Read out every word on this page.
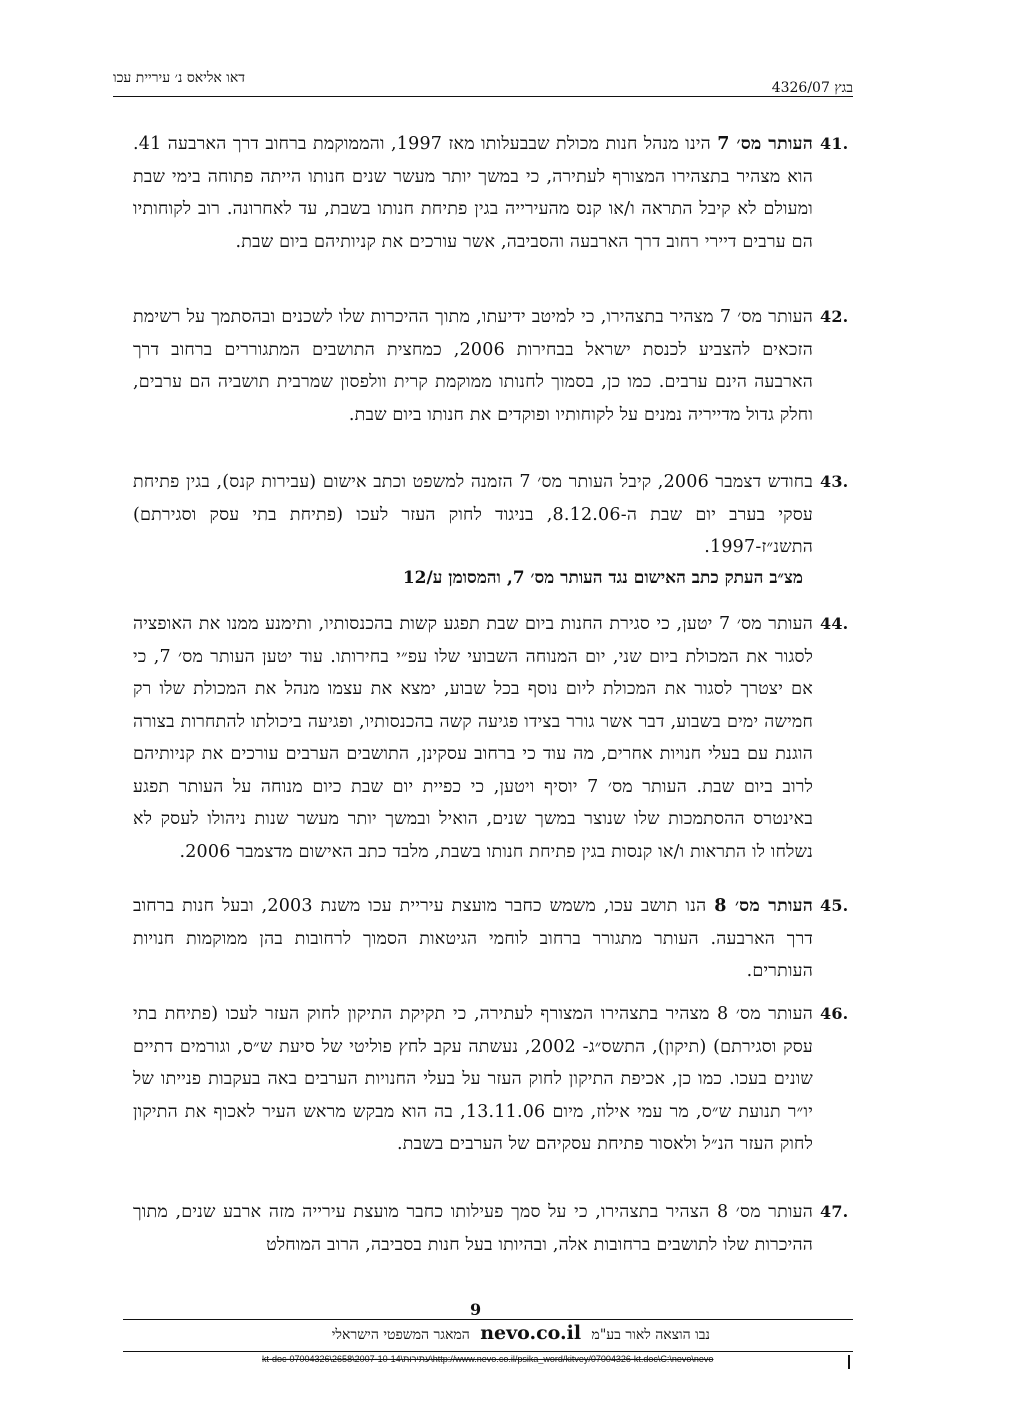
דאו אליאס נ׳ עיריית עכו
בגץ 4326/07
41.
העותר מס׳ 7 הינו מנהל חנות מכולת שבבעלותו מאז 1997, והממוקמת ברחוב דרך הארבעה 41. הוא מצהיר בתצהירו המצורף לעתירה, כי במשך יותר מעשר שנים חנותו הייתה פתוחה בימי שבת ומעולם לא קיבל התראה ו/או קנס מהעירייה בגין פתיחת חנותו בשבת, עד לאחרונה. רוב לקוחותיו הם ערבים דיירי רחוב דרך הארבעה והסביבה, אשר עורכים את קניותיהם ביום שבת.
42.
העותר מס׳ 7 מצהיר בתצהירו, כי למיטב ידיעתו, מתוך ההיכרות שלו לשכנים ובהסתמך על רשימת הזכאים להצביע לכנסת ישראל בבחירות 2006, כמחצית התושבים המתגוררים ברחוב דרך הארבעה הינם ערבים. כמו כן, בסמוך לחנותו ממוקמת קרית וולפסון שמרבית תושביה הם ערבים, וחלק גדול מדייריה נמנים על לקוחותיו ופוקדים את חנותו ביום שבת.
43.
בחודש דצמבר 2006, קיבל העותר מס׳ 7 הזמנה למשפט וכתב אישום (עבירות קנס), בגין פתיחת עסקי בערב יום שבת ה-8.12.06, בניגוד לחוק העזר לעכו (פתיחת בתי עסק וסגירתם) התשנ״ז-1997.
מצ״ב העתק כתב האישום נגד העותר מס׳ 7, והמסומן ע/12
44.
העותר מס׳ 7 יטען, כי סגירת החנות ביום שבת תפגע קשות בהכנסותיו, ותימנע ממנו את האופציה לסגור את המכולת ביום שני, יום המנוחה השבועי שלו עפ״י בחירותו. עוד יטען העותר מס׳ 7, כי אם יצטרך לסגור את המכולת ליום נוסף בכל שבוע, ימצא את עצמו מנהל את המכולת שלו רק חמישה ימים בשבוע, דבר אשר גורר בצידו פגיעה קשה בהכנסותיו, ופגיעה ביכולתו להתחרות בצורה הוגנת עם בעלי חנויות אחרים, מה עוד כי ברחוב עסקינן, התושבים הערבים עורכים את קניותיהם לרוב ביום שבת. העותר מס׳ 7 יוסיף ויטען, כי כפיית יום שבת כיום מנוחה על העותר תפגע באינטרס ההסתמכות שלו שנוצר במשך שנים, הואיל ובמשך יותר מעשר שנות ניהולו לעסק לא נשלחו לו התראות ו/או קנסות בגין פתיחת חנותו בשבת, מלבד כתב האישום מדצמבר 2006.
45.
העותר מס׳ 8 הנו תושב עכו, משמש כחבר מועצת עיריית עכו משנת 2003, ובעל חנות ברחוב דרך הארבעה. העותר מתגורר ברחוב לוחמי הגיטאות הסמוך לרחובות בהן ממוקמות חנויות העותרים.
46.
העותר מס׳ 8 מצהיר בתצהירו המצורף לעתירה, כי תקיקת התיקון לחוק העזר לעכו (פתיחת בתי עסק וסגירתם) (תיקון), התשס״ג- 2002, נעשתה עקב לחץ פוליטי של סיעת ש״ס, וגורמים דתיים שונים בעכו. כמו כן, אכיפת התיקון לחוק העזר על בעלי החנויות הערבים באה בעקבות פנייתו של יו״ר תנועת ש״ס, מר עמי אילוז, מיום 13.11.06, בה הוא מבקש מראש העיר לאכוף את התיקון לחוק העזר הנ״ל ולאסור פתיחת עסקיהם של הערבים בשבת.
47.
העותר מס׳ 8 הצהיר בתצהירו, כי על סמך פעילותו כחבר מועצת עירייה מזה ארבע שנים, מתוך ההיכרות שלו לתושבים ברחובות אלה, ובהיותו בעל חנות בסביבה, הרוב המוחלט
9
נבו הוצאה לאור בע"מ nevo.co.il המאגר המשפטי הישראלי
kt-doc-07004326\2658\2007-10-14\עתירות\http://www.nevo.co.il/psika_word/kitvey/07004326-kt.doc\C:\nevo\nevo
